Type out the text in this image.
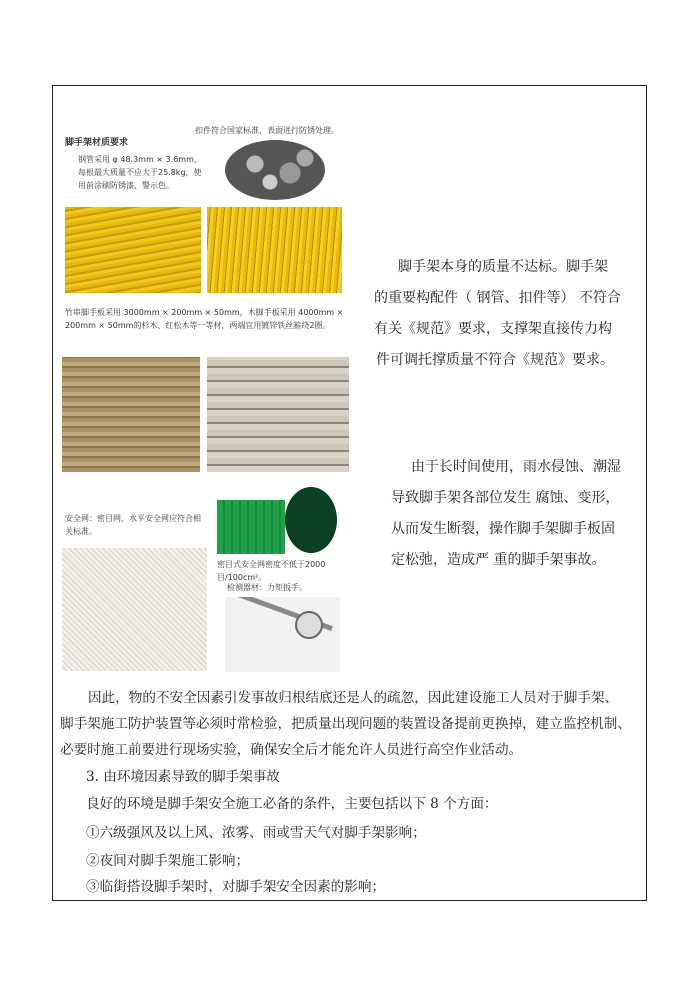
扣件符合国家标准，表面进行防锈处理。
脚手架材质要求
钢管采用 φ 48.3mm × 3.6mm，每根最大质量不应大于25.8kg，使用前涂刷防锈漆、警示色。
竹串脚手板采用 3000mm × 200mm × 50mm，木脚手板采用 4000mm × 200mm × 50mm的杉木、红松木等一等材，两端宜用镀锌铁丝箍绕2圈。
安全网：密目网、水平安全网应符合相关标准。
密目式安全网密度不低于2000目/100cm²。
检测器材：力矩扳手。
脚手架本身的质量不达标。脚手架
的重要构配件（ 钢管、扣件等） 不符合
有关《规范》要求，支撑架直接传力构
件可调托撑质量不符合《规范》要求。
由于长时间使用，雨水侵蚀、潮湿
导致脚手架各部位发生 腐蚀、变形，
从而发生断裂，操作脚手架脚手板固
定松弛，造成严 重的脚手架事故。
因此，物的不安全因素引发事故归根结底还是人的疏忽，因此建设施工人员对于脚手架、
脚手架施工防护装置等必须时常检验，把质量出现问题的装置设备提前更换掉，建立监控机制、
必要时施工前要进行现场实验，确保安全后才能允许人员进行高空作业活动。
3. 由环境因素导致的脚手架事故
良好的环境是脚手架安全施工必备的条件，主要包括以下 8 个方面：
①六级强风及以上风、浓雾、雨或雪天气对脚手架影响；
②夜间对脚手架施工影响；
③临街搭设脚手架时，对脚手架安全因素的影响；
